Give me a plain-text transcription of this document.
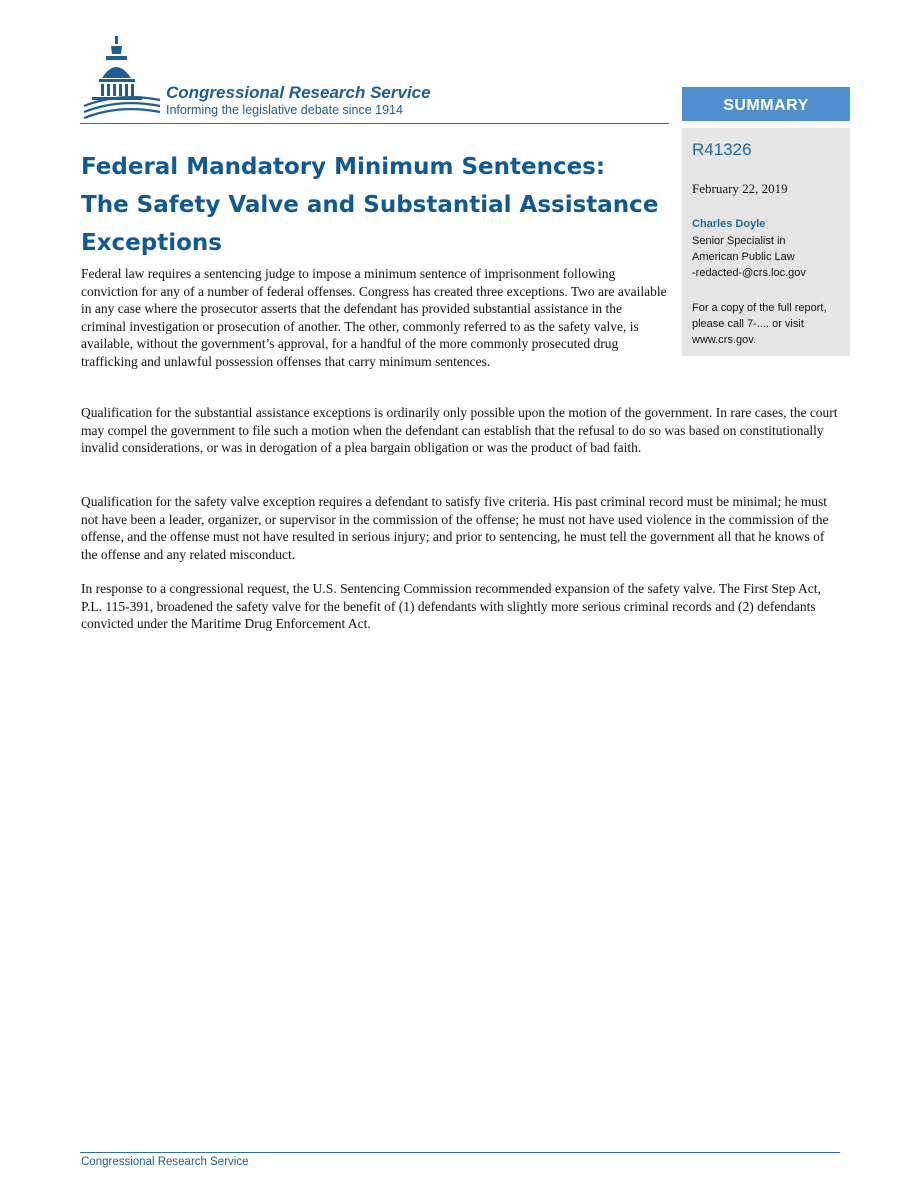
Congressional Research Service
Informing the legislative debate since 1914	SUMMARY
R41326
February 22, 2019
Charles Doyle
Senior Specialist in
American Public Law
-redacted-@crs.loc.gov
For a copy of the full report,
please call 7-.... or visit
www.crs.gov.
Federal Mandatory Minimum Sentences:
The Safety Valve and Substantial Assistance
Exceptions

Federal law requires a sentencing judge to impose a minimum sentence of imprisonment following conviction for any of a number of federal offenses. Congress has created three exceptions. Two are available in any case where the prosecutor asserts that the defendant has provided substantial assistance in the criminal investigation or prosecution of another. The other, commonly referred to as the safety valve, is available, without the government’s approval, for a handful of the more commonly prosecuted drug trafficking and unlawful possession offenses that carry minimum sentences.

Qualification for the substantial assistance exceptions is ordinarily only possible upon the motion of the government. In rare cases, the court may compel the government to file such a motion when the defendant can establish that the refusal to do so was based on constitutionally invalid considerations, or was in derogation of a plea bargain obligation or was the product of bad faith.

Qualification for the safety valve exception requires a defendant to satisfy five criteria. His past criminal record must be minimal; he must not have been a leader, organizer, or supervisor in the commission of the offense; he must not have used violence in the commission of the offense, and the offense must not have resulted in serious injury; and prior to sentencing, he must tell the government all that he knows of the offense and any related misconduct.

In response to a congressional request, the U.S. Sentencing Commission recommended expansion of the safety valve. The First Step Act, P.L. 115-391, broadened the safety valve for the benefit of (1) defendants with slightly more serious criminal records and (2) defendants convicted under the Maritime Drug Enforcement Act.

Congressional Research Service
